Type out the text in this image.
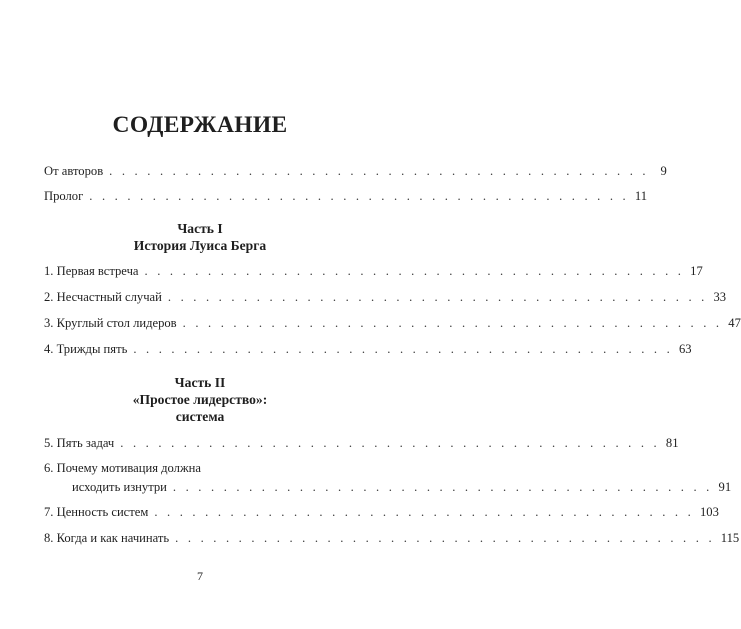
СОДЕРЖАНИЕ
От авторов . . . . . . . . . . . . . . . . . . . . . . . . . . . . . . . . . . . . . . . . . . . 9
Пролог . . . . . . . . . . . . . . . . . . . . . . . . . . . . . . . . . . . . . . . . . . . 11
Часть I
История Луиса Берга
1. Первая встреча . . . . . . . . . . . . . . . . . . . . . . . . . . . . . . . . . . . . . . . . . . . 17
2. Несчастный случай . . . . . . . . . . . . . . . . . . . . . . . . . . . . . . . . . . . . . . . . . . . 33
3. Круглый стол лидеров . . . . . . . . . . . . . . . . . . . . . . . . . . . . . . . . . . . . . . . . . . . 47
4. Трижды пять . . . . . . . . . . . . . . . . . . . . . . . . . . . . . . . . . . . . . . . . . . . 63
Часть II
«Простое лидерство»:
система
5. Пять задач . . . . . . . . . . . . . . . . . . . . . . . . . . . . . . . . . . . . . . . . . . . 81
6. Почему мотивация должна
исходить изнутри . . . . . . . . . . . . . . . . . . . . . . . . . . . . . . . . . . . . . . . . . . . 91
7. Ценность систем . . . . . . . . . . . . . . . . . . . . . . . . . . . . . . . . . . . . . . . . . . . 103
8. Когда и как начинать . . . . . . . . . . . . . . . . . . . . . . . . . . . . . . . . . . . . . . . . . . . 115
7
